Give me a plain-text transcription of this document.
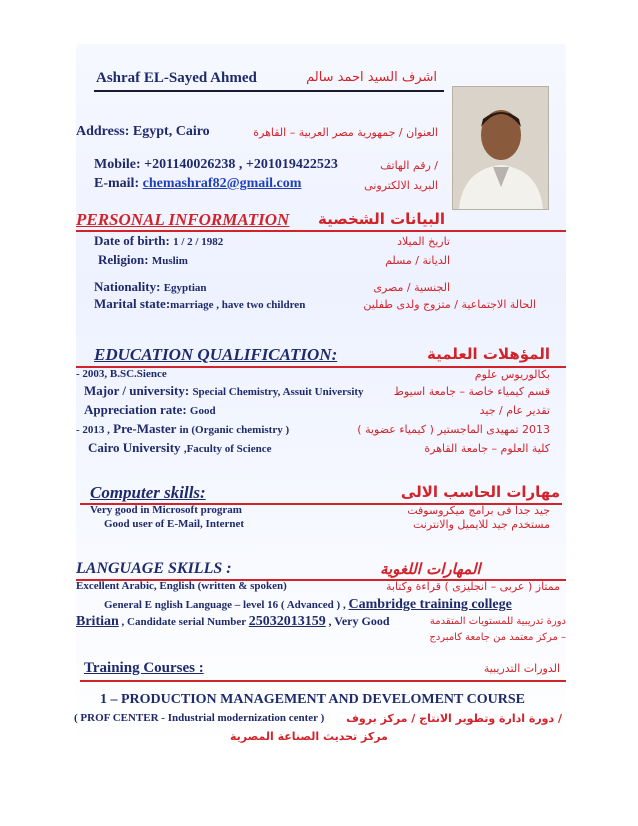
Ashraf EL-Sayed Ahmed	اشرف السيد احمد سالم
Address: Egypt, Cairo	العنوان / جمهورية مصر العربية – القاهرة
Mobile: +201140026238 , +201019422523	/ رقم الهاتف
E-mail: chemashraf82@gmail.com	البريد الالكترونى
PERSONAL INFORMATION البيانات الشخصية
Date of birth: 1 / 2 / 1982	تاريخ الميلاد
Religion: Muslim	الديانة / مسلم
Nationality: Egyptian	الجنسية / مصرى
Marital state:marriage , have two children	الحالة الاجتماعية / متزوج ولدى طفلين
EDUCATION QUALIFICATION:	المؤهلات العلمية
- 2003, B.SC.Sience	بكالوريوس علوم
Major / university: Special Chemistry, Assuit University	قسم كيمياء خاصة – جامعة اسيوط
Appreciation rate: Good	تقدير عام / جيد
- 2013 , Pre-Master in (Organic chemistry )	2013 تمهيدى الماجستير ( كيمياء عضوية )
Cairo University ,Faculty of Science	كلية العلوم – جامعة القاهرة
Computer skills:	مهارات الحاسب الالى
Very good in Microsoft program	جيد جدا فى برامج ميكروسوفت
Good user of E-Mail, Internet	مستخدم جيد للايميل والانترنت
LANGUAGE SKILLS :	المهارات اللغوية
Excellent Arabic, English (written & spoken)	ممتاز ( عربى – انجليزى ) قراءة وكتابة
General E nglish Language – level 16 ( Advanced ) , Cambridge training college
Britian , Candidate serial Number 25032013159 , Very Good	دورة تدريبية للمستويات المتقدمة
– مركز معتمد من جامعة كامبردج
Training Courses :	الدورات التدريبية
1 – PRODUCTION MANAGEMENT AND DEVELOMENT COURSE
( PROF CENTER - Industrial modernization center ) / دورة ادارة وتطوير الانتاج / مركز بروف
مركز تحديث الصناعة المصرية
